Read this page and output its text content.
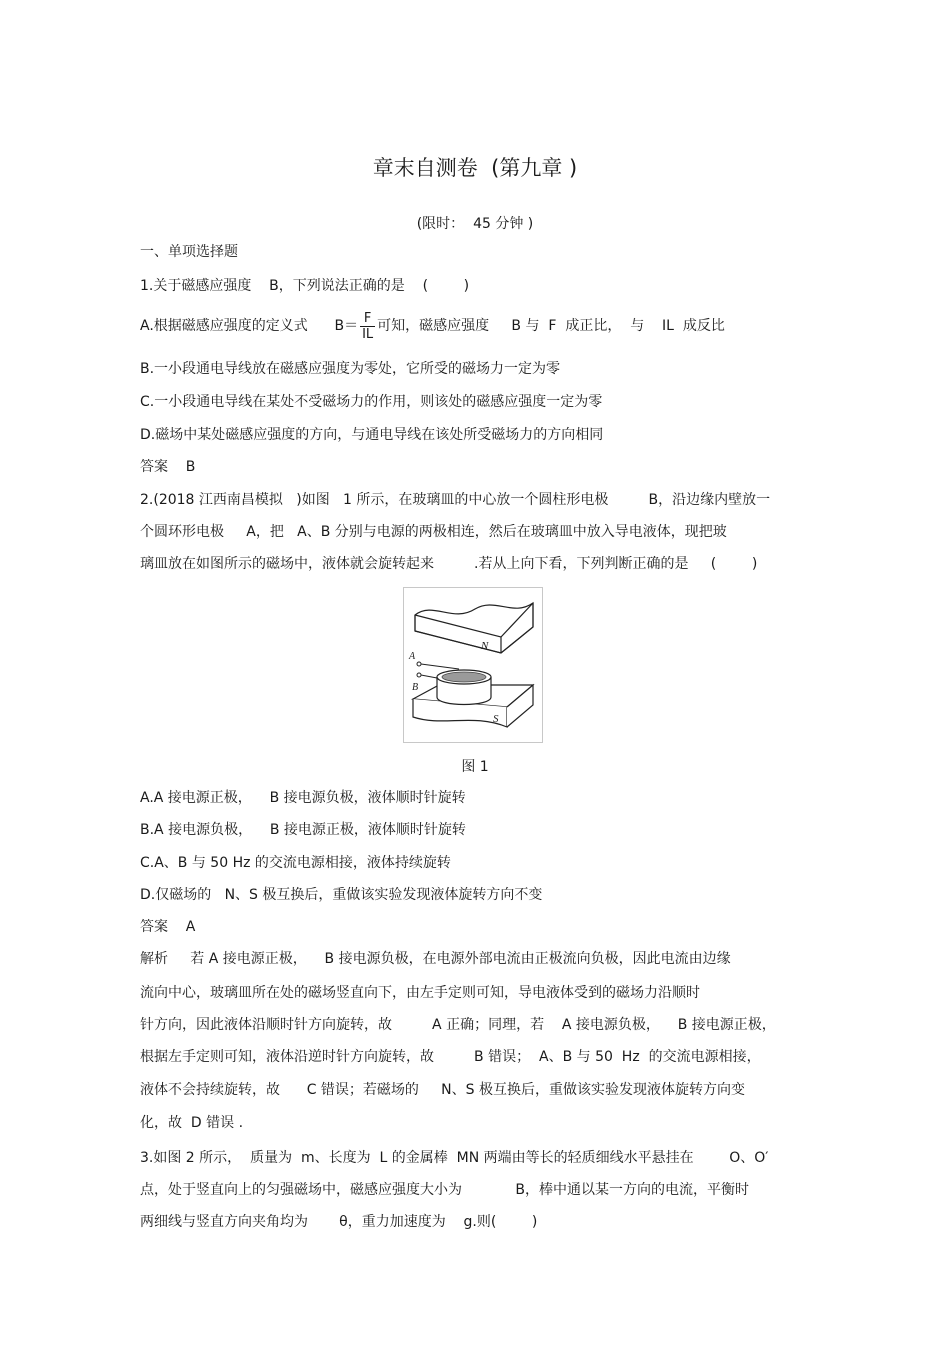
章末自测卷  (第九章 )
(限时：  45 分钟 )
一、单项选择题
1.关于磁感应强度    B，下列说法正确的是    (        )
A.根据磁感应强度的定义式      $B= \frac{F}{IL}$ 可知，磁感应强度     B 与  F  成正比，  与    IL  成反比
B.一小段通电导线放在磁感应强度为零处，它所受的磁场力一定为零
C.一小段通电导线在某处不受磁场力的作用，则该处的磁感应强度一定为零
D.磁场中某处磁感应强度的方向，与通电导线在该处所受磁场力的方向相同
答案    B
2.(2018 江西南昌模拟   )如图   1 所示，在玻璃皿的中心放一个圆柱形电极         B，沿边缘内壁放一
个圆环形电极     A，把   A、B 分别与电源的两极相连，然后在玻璃皿中放入导电液体，现把玻
璃皿放在如图所示的磁场中，液体就会旋转起来         .若从上向下看，下列判断正确的是     (        )
N
S
A
B
图 1
A.A 接电源正极，    B 接电源负极，液体顺时针旋转
B.A 接电源负极，    B 接电源正极，液体顺时针旋转
C.A、B 与 50 Hz 的交流电源相接，液体持续旋转
D.仅磁场的   N、S 极互换后，重做该实验发现液体旋转方向不变
答案    A
解析     若 A 接电源正极，    B 接电源负极，在电源外部电流由正极流向负极，因此电流由边缘
流向中心，玻璃皿所在处的磁场竖直向下，由左手定则可知，导电液体受到的磁场力沿顺时
针方向，因此液体沿顺时针方向旋转，故         A 正确；同理，若    A 接电源负极，    B 接电源正极，
根据左手定则可知，液体沿逆时针方向旋转，故         B 错误；  A、B 与 50  Hz  的交流电源相接，
液体不会持续旋转，故      C 错误；若磁场的     N、S 极互换后，重做该实验发现液体旋转方向变
化，故  D 错误 .
3.如图 2 所示，  质量为  m、长度为  L 的金属棒  MN 两端由等长的轻质细线水平悬挂在        O、O′
点，处于竖直向上的匀强磁场中，磁感应强度大小为            B，棒中通以某一方向的电流，平衡时
两细线与竖直方向夹角均为       θ，重力加速度为    g.则(        )
